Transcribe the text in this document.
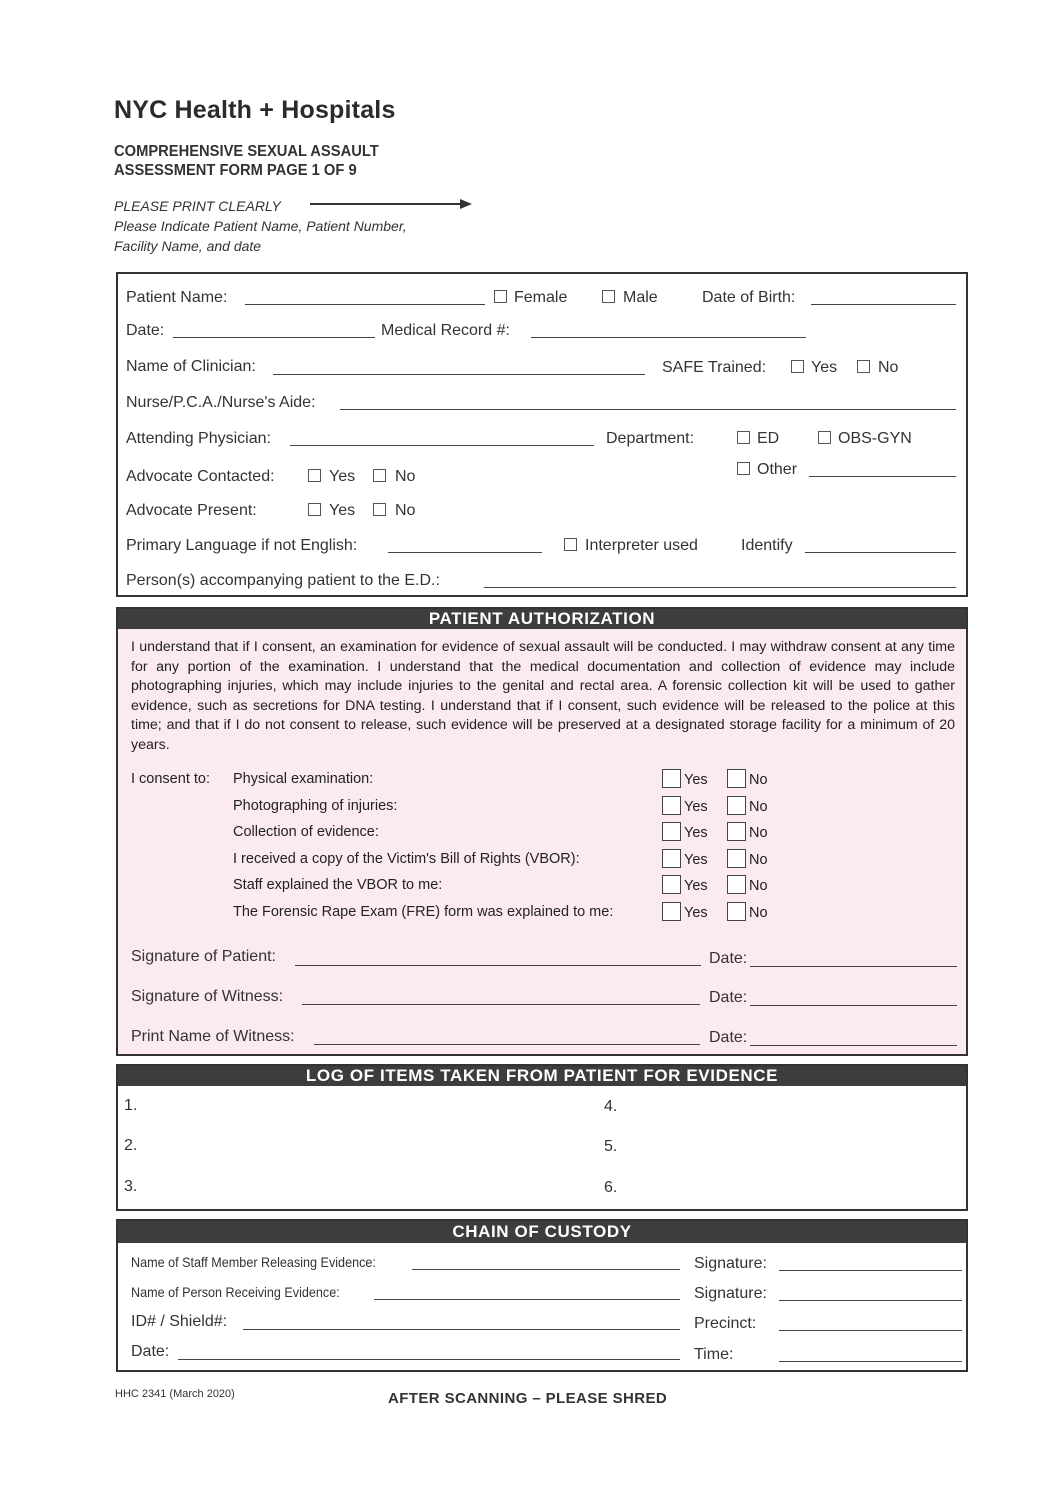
NYC Health + Hospitals
COMPREHENSIVE SEXUAL ASSAULT
ASSESSMENT FORM PAGE 1 OF 9
PLEASE PRINT CLEARLY
Please Indicate Patient Name, Patient Number,
Facility Name, and date
Patient Name:	Female	Male	Date of Birth:
Date:	Medical Record #:
Name of Clinician:	SAFE Trained:	Yes	No
Nurse/P.C.A./Nurse's Aide:
Attending Physician:	Department:	ED	OBS-GYN
Other
Advocate Contacted:	Yes No
Advocate Present:	Yes No
Primary Language if not English:	Interpreter used	Identify
Person(s) accompanying patient to the E.D.:
PATIENT AUTHORIZATION
I understand that if I consent, an examination for evidence of sexual assault will be conducted. I may withdraw consent at any time for any portion of the examination. I understand that the medical documentation and collection of evidence may include photographing injuries, which may include injuries to the genital and rectal area. A forensic collection kit will be used to gather evidence, such as secretions for DNA testing. I understand that if I consent, such evidence will be released to the police at this time; and that if I do not consent to release, such evidence will be preserved at a designated storage facility for a minimum of 20 years.
I consent to: Physical examination:	Yes	No
Photographing of injuries:	Yes	No
Collection of evidence:	Yes	No
I received a copy of the Victim's Bill of Rights (VBOR):	Yes	No
Staff explained the VBOR to me:	Yes	No
The Forensic Rape Exam (FRE) form was explained to me:	Yes	No
Signature of Patient:	Date:
Signature of Witness:	Date:
Print Name of Witness:	Date:
LOG OF ITEMS TAKEN FROM PATIENT FOR EVIDENCE
1.
2.
3.
4.
5.
6.
CHAIN OF CUSTODY
Name of Staff Member Releasing Evidence:	Signature:
Name of Person Receiving Evidence:	Signature:
ID# / Shield#:	Precinct:
Date:	Time:
HHC 2341 (March 2020)	AFTER SCANNING – PLEASE SHRED
